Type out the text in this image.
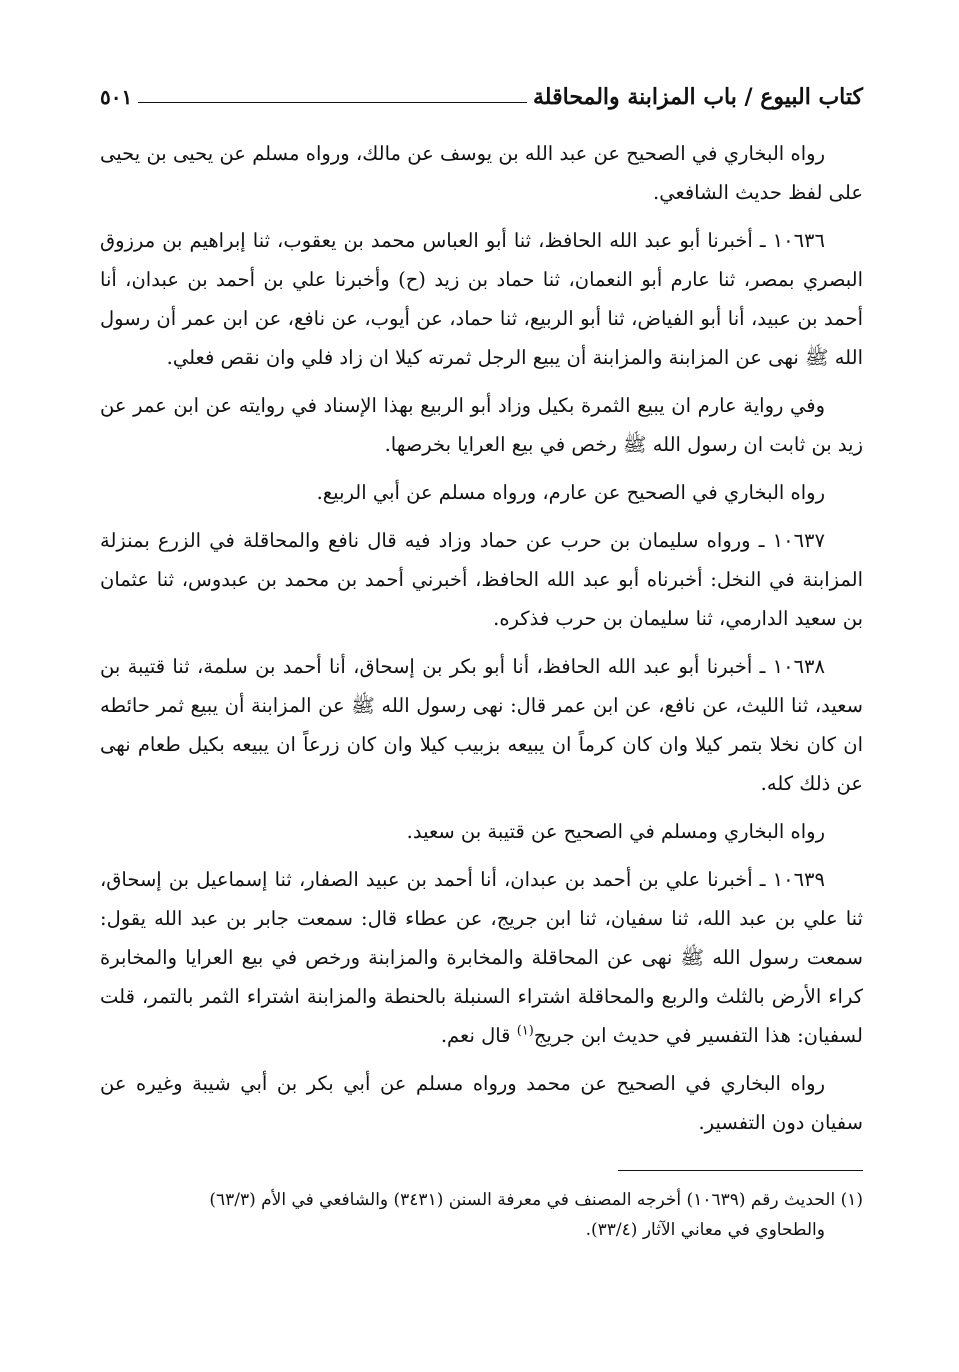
كتاب البيوع / باب المزابنة والمحاقلة
٥٠١

رواه البخاري في الصحيح عن عبد الله بن يوسف عن مالك، ورواه مسلم عن يحيى بن يحيى على لفظ حديث الشافعي.

١٠٦٣٦ ـ أخبرنا أبو عبد الله الحافظ، ثنا أبو العباس محمد بن يعقوب، ثنا إبراهيم بن مرزوق البصري بمصر، ثنا عارم أبو النعمان، ثنا حماد بن زيد (ح) وأخبرنا علي بن أحمد بن عبدان، أنا أحمد بن عبيد، أنا أبو الفياض، ثنا أبو الربيع، ثنا حماد، عن أيوب، عن نافع، عن ابن عمر أن رسول الله ﷺ نهى عن المزابنة والمزابنة أن يبيع الرجل ثمرته كيلا ان زاد فلي وان نقص فعلي.

وفي رواية عارم ان يبيع الثمرة بكيل وزاد أبو الربيع بهذا الإسناد في روايته عن ابن عمر عن زيد بن ثابت ان رسول الله ﷺ رخص في بيع العرايا بخرصها.

رواه البخاري في الصحيح عن عارم، ورواه مسلم عن أبي الربيع.

١٠٦٣٧ ـ ورواه سليمان بن حرب عن حماد وزاد فيه قال نافع والمحاقلة في الزرع بمنزلة المزابنة في النخل: أخبرناه أبو عبد الله الحافظ، أخبرني أحمد بن محمد بن عبدوس، ثنا عثمان بن سعيد الدارمي، ثنا سليمان بن حرب فذكره.

١٠٦٣٨ ـ أخبرنا أبو عبد الله الحافظ، أنا أبو بكر بن إسحاق، أنا أحمد بن سلمة، ثنا قتيبة بن سعيد، ثنا الليث، عن نافع، عن ابن عمر قال: نهى رسول الله ﷺ عن المزابنة أن يبيع ثمر حائطه ان كان نخلا بتمر كيلا وان كان كرماً ان يبيعه بزبيب كيلا وان كان زرعاً ان يبيعه بكيل طعام نهى عن ذلك كله.

رواه البخاري ومسلم في الصحيح عن قتيبة بن سعيد.

١٠٦٣٩ ـ أخبرنا علي بن أحمد بن عبدان، أنا أحمد بن عبيد الصفار، ثنا إسماعيل بن إسحاق، ثنا علي بن عبد الله، ثنا سفيان، ثنا ابن جريج، عن عطاء قال: سمعت جابر بن عبد الله يقول: سمعت رسول الله ﷺ نهى عن المحاقلة والمخابرة والمزابنة ورخص في بيع العرايا والمخابرة كراء الأرض بالثلث والربع والمحاقلة اشتراء السنبلة بالحنطة والمزابنة اشتراء الثمر بالتمر، قلت لسفيان: هذا التفسير في حديث ابن جريج$^{(١)}$ قال نعم.

رواه البخاري في الصحيح عن محمد ورواه مسلم عن أبي بكر بن أبي شيبة وغيره عن سفيان دون التفسير.

(١) الحديث رقم (١٠٦٣٩) أخرجه المصنف في معرفة السنن (٣٤٣١) والشافعي في الأم (٦٣/٣)
والطحاوي في معاني الآثار (٣٣/٤).
